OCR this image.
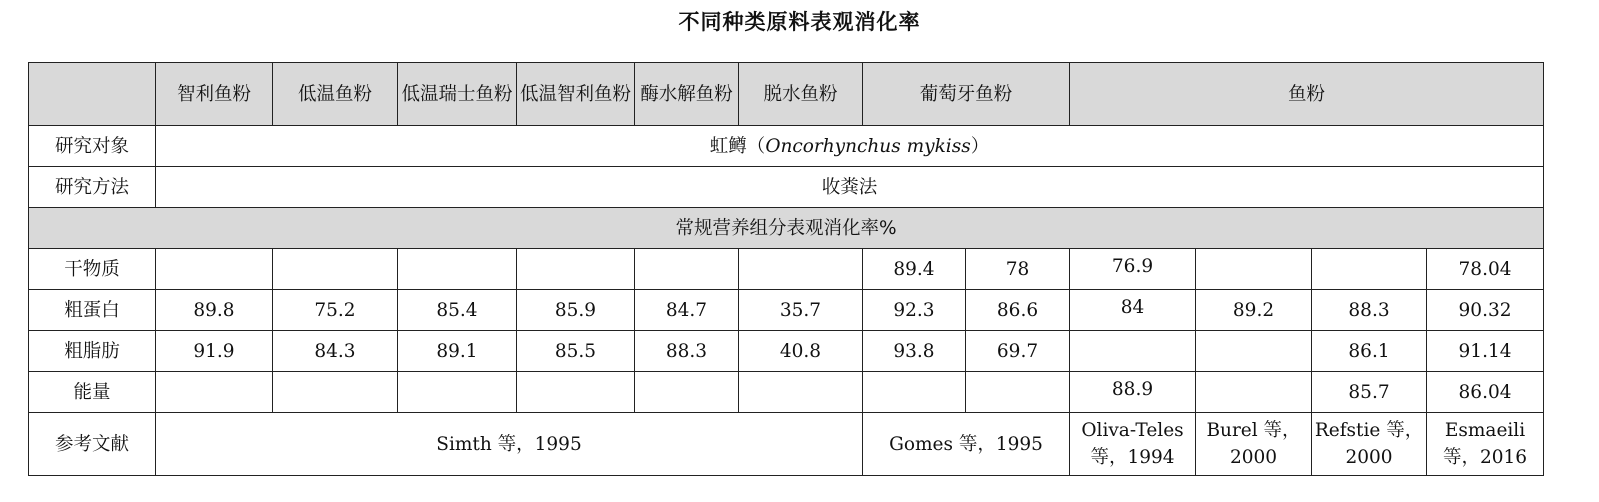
不同种类原料表观消化率
	智利鱼粉	低温鱼粉	低温瑞士鱼粉	低温智利鱼粉	酶水解鱼粉	脱水鱼粉	葡萄牙鱼粉		鱼粉			
研究对象	虹鳟（Oncorhynchus mykiss）											
研究方法	收粪法											
常规营养组分表观消化率%												
干物质							89.4	78	76.9			78.04
粗蛋白	89.8	75.2	85.4	85.9	84.7	35.7	92.3	86.6	84	89.2	88.3	90.32
粗脂肪	91.9	84.3	89.1	85.5	88.3	40.8	93.8	69.7			86.1	91.14
能量									88.9		85.7	86.04
参考文献	Simth 等，1995						Gomes 等，1995		Oliva-Teles 等，1994	Burel 等，2000	Refstie 等，2000	Esmaeili 等，2016
